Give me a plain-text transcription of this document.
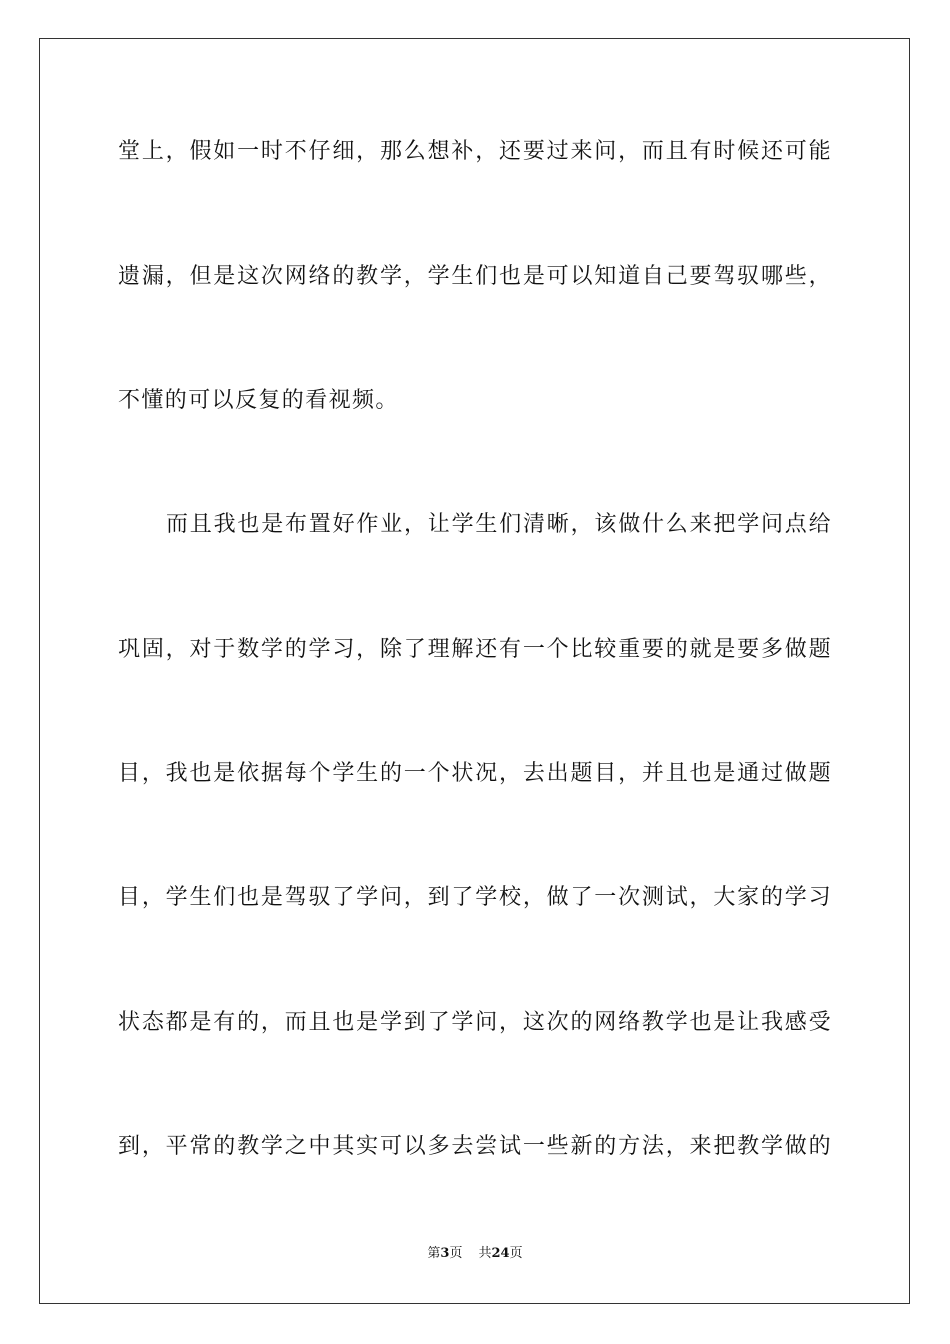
堂上，假如一时不仔细，那么想补，还要过来问，而且有时候还可能
遗漏，但是这次网络的教学，学生们也是可以知道自己要驾驭哪些，
不懂的可以反复的看视频。
而且我也是布置好作业，让学生们清晰，该做什么来把学问点给
巩固，对于数学的学习，除了理解还有一个比较重要的就是要多做题
目，我也是依据每个学生的一个状况，去出题目，并且也是通过做题
目，学生们也是驾驭了学问，到了学校，做了一次测试，大家的学习
状态都是有的，而且也是学到了学问，这次的网络教学也是让我感受
到，平常的教学之中其实可以多去尝试一些新的方法，来把教学做的
第3页 共24页
